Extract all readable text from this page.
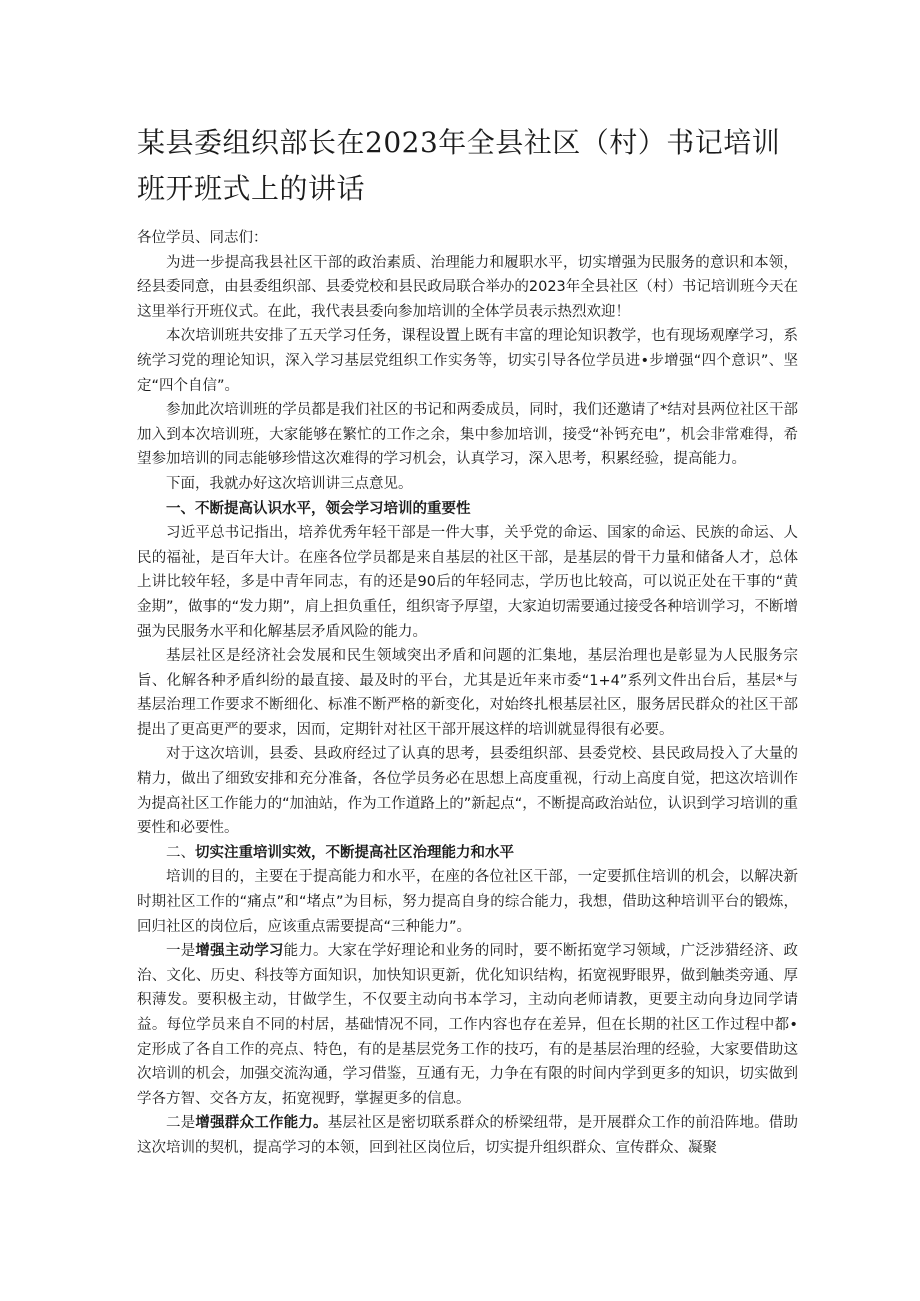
某县委组织部长在2023年全县社区（村）书记培训班开班式上的讲话

各位学员、同志们：

为进一步提高我县社区干部的政治素质、治理能力和履职水平，切实增强为民服务的意识和本领，经县委同意，由县委组织部、县委党校和县民政局联合举办的2023年全县社区（村）书记培训班今天在这里举行开班仪式。在此，我代表县委向参加培训的全体学员表示热烈欢迎！

本次培训班共安排了五天学习任务，课程设置上既有丰富的理论知识教学，也有现场观摩学习，系统学习党的理论知识，深入学习基层党组织工作实务等，切实引导各位学员进•步增强“四个意识”、坚定“四个自信”。

参加此次培训班的学员都是我们社区的书记和两委成员，同时，我们还邀请了*结对县两位社区干部加入到本次培训班，大家能够在繁忙的工作之余，集中参加培训，接受“补钙充电”，机会非常难得，希望参加培训的同志能够珍惜这次难得的学习机会，认真学习，深入思考，积累经验，提高能力。

下面，我就办好这次培训讲三点意见。

一、不断提高认识水平，领会学习培训的重要性

习近平总书记指出，培养优秀年轻干部是一件大事，关乎党的命运、国家的命运、民族的命运、人民的福祉，是百年大计。在座各位学员都是来自基层的社区干部，是基层的骨干力量和储备人才，总体上讲比较年轻，多是中青年同志，有的还是90后的年轻同志，学历也比较高，可以说正处在干事的“黄金期”，做事的“发力期”，肩上担负重任，组织寄予厚望，大家迫切需要通过接受各种培训学习，不断增强为民服务水平和化解基层矛盾风险的能力。

基层社区是经济社会发展和民生领域突出矛盾和问题的汇集地，基层治理也是彰显为人民服务宗旨、化解各种矛盾纠纷的最直接、最及时的平台，尤其是近年来市委“1+4”系列文件出台后，基层*与基层治理工作要求不断细化、标准不断严格的新变化，对始终扎根基层社区，服务居民群众的社区干部提出了更高更严的要求，因而，定期针对社区干部开展这样的培训就显得很有必要。

对于这次培训，县委、县政府经过了认真的思考，县委组织部、县委党校、县民政局投入了大量的精力，做出了细致安排和充分准备，各位学员务必在思想上高度重视，行动上高度自觉，把这次培训作为提高社区工作能力的“加油站，作为工作道路上的”新起点“，不断提高政治站位，认识到学习培训的重要性和必要性。

二、切实注重培训实效，不断提高社区治理能力和水平

培训的目的，主要在于提高能力和水平，在座的各位社区干部，一定要抓住培训的机会，以解决新时期社区工作的“痛点”和“堵点”为目标，努力提高自身的综合能力，我想，借助这种培训平台的锻炼，回归社区的岗位后，应该重点需要提高“三种能力”。

一是增强主动学习能力。大家在学好理论和业务的同时，要不断拓宽学习领域，广泛涉猎经济、政治、文化、历史、科技等方面知识，加快知识更新，优化知识结构，拓宽视野眼界，做到触类旁通、厚积薄发。要积极主动，甘做学生，不仅要主动向书本学习，主动向老师请教，更要主动向身边同学请益。每位学员来自不同的村居，基础情况不同，工作内容也存在差异，但在长期的社区工作过程中都•定形成了各自工作的亮点、特色，有的是基层党务工作的技巧，有的是基层治理的经验，大家要借助这次培训的机会，加强交流沟通，学习借鉴，互通有无，力争在有限的时间内学到更多的知识，切实做到学各方智、交各方友，拓宽视野，掌握更多的信息。

二是增强群众工作能力。基层社区是密切联系群众的桥梁纽带，是开展群众工作的前沿阵地。借助这次培训的契机，提高学习的本领，回到社区岗位后，切实提升组织群众、宣传群众、凝聚
